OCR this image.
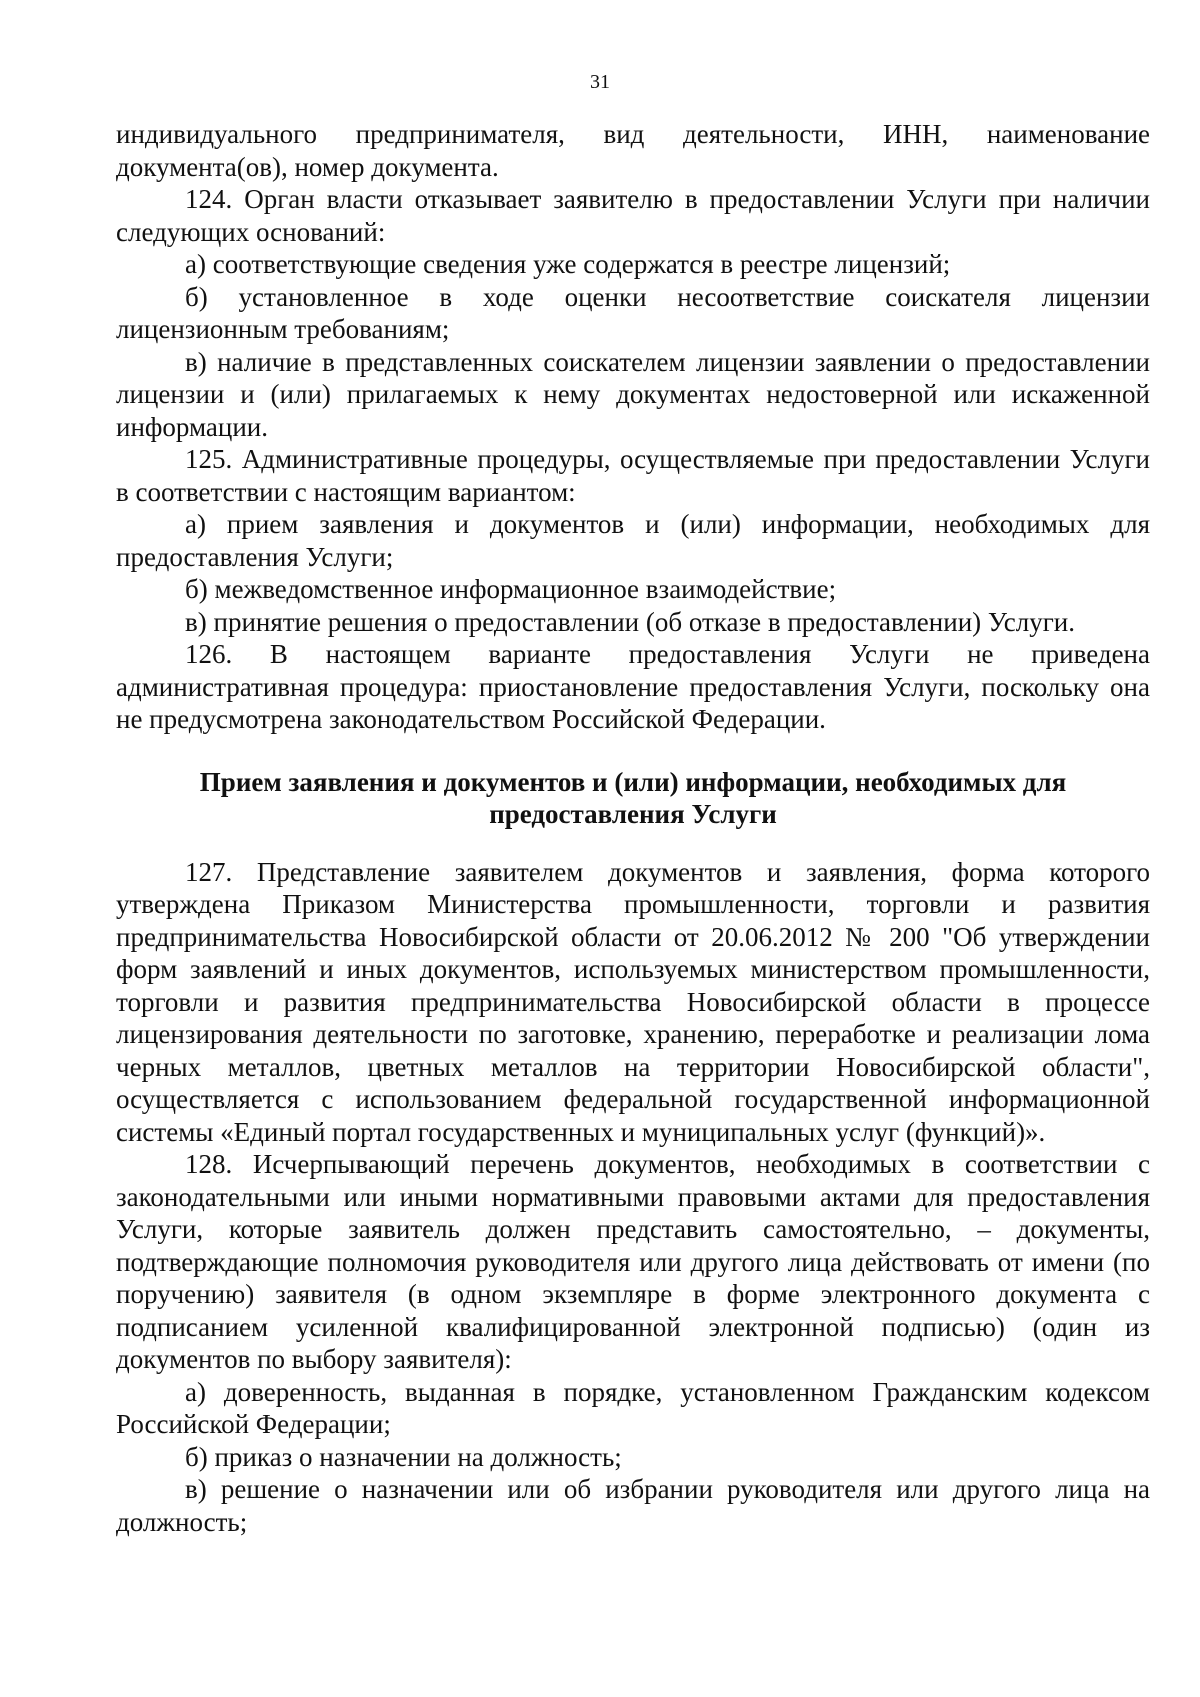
31

индивидуального предпринимателя, вид деятельности, ИНН, наименование документа(ов), номер документа.

124. Орган власти отказывает заявителю в предоставлении Услуги при наличии следующих оснований:

а) соответствующие сведения уже содержатся в реестре лицензий;

б) установленное в ходе оценки несоответствие соискателя лицензии лицензионным требованиям;

в) наличие в представленных соискателем лицензии заявлении о предоставлении лицензии и (или) прилагаемых к нему документах недостоверной или искаженной информации.

125. Административные процедуры, осуществляемые при предоставлении Услуги в соответствии с настоящим вариантом:

а) прием заявления и документов и (или) информации, необходимых для предоставления Услуги;

б) межведомственное информационное взаимодействие;

в) принятие решения о предоставлении (об отказе в предоставлении) Услуги.

126. В настоящем варианте предоставления Услуги не приведена административная процедура: приостановление предоставления Услуги, поскольку она не предусмотрена законодательством Российской Федерации.

Прием заявления и документов и (или) информации, необходимых для
предоставления Услуги

127. Представление заявителем документов и заявления, форма которого утверждена Приказом Министерства промышленности, торговли и развития предпринимательства Новосибирской области от 20.06.2012 № 200 "Об утверждении форм заявлений и иных документов, используемых министерством промышленности, торговли и развития предпринимательства Новосибирской области в процессе лицензирования деятельности по заготовке, хранению, переработке и реализации лома черных металлов, цветных металлов на территории Новосибирской области", осуществляется с использованием федеральной государственной информационной системы «Единый портал государственных и муниципальных услуг (функций)».

128. Исчерпывающий перечень документов, необходимых в соответствии с законодательными или иными нормативными правовыми актами для предоставления Услуги, которые заявитель должен представить самостоятельно, – документы, подтверждающие полномочия руководителя или другого лица действовать от имени (по поручению) заявителя (в одном экземпляре в форме электронного документа с подписанием усиленной квалифицированной электронной подписью) (один из документов по выбору заявителя):

а) доверенность, выданная в порядке, установленном Гражданским кодексом Российской Федерации;

б) приказ о назначении на должность;

в) решение о назначении или об избрании руководителя или другого лица на должность;
